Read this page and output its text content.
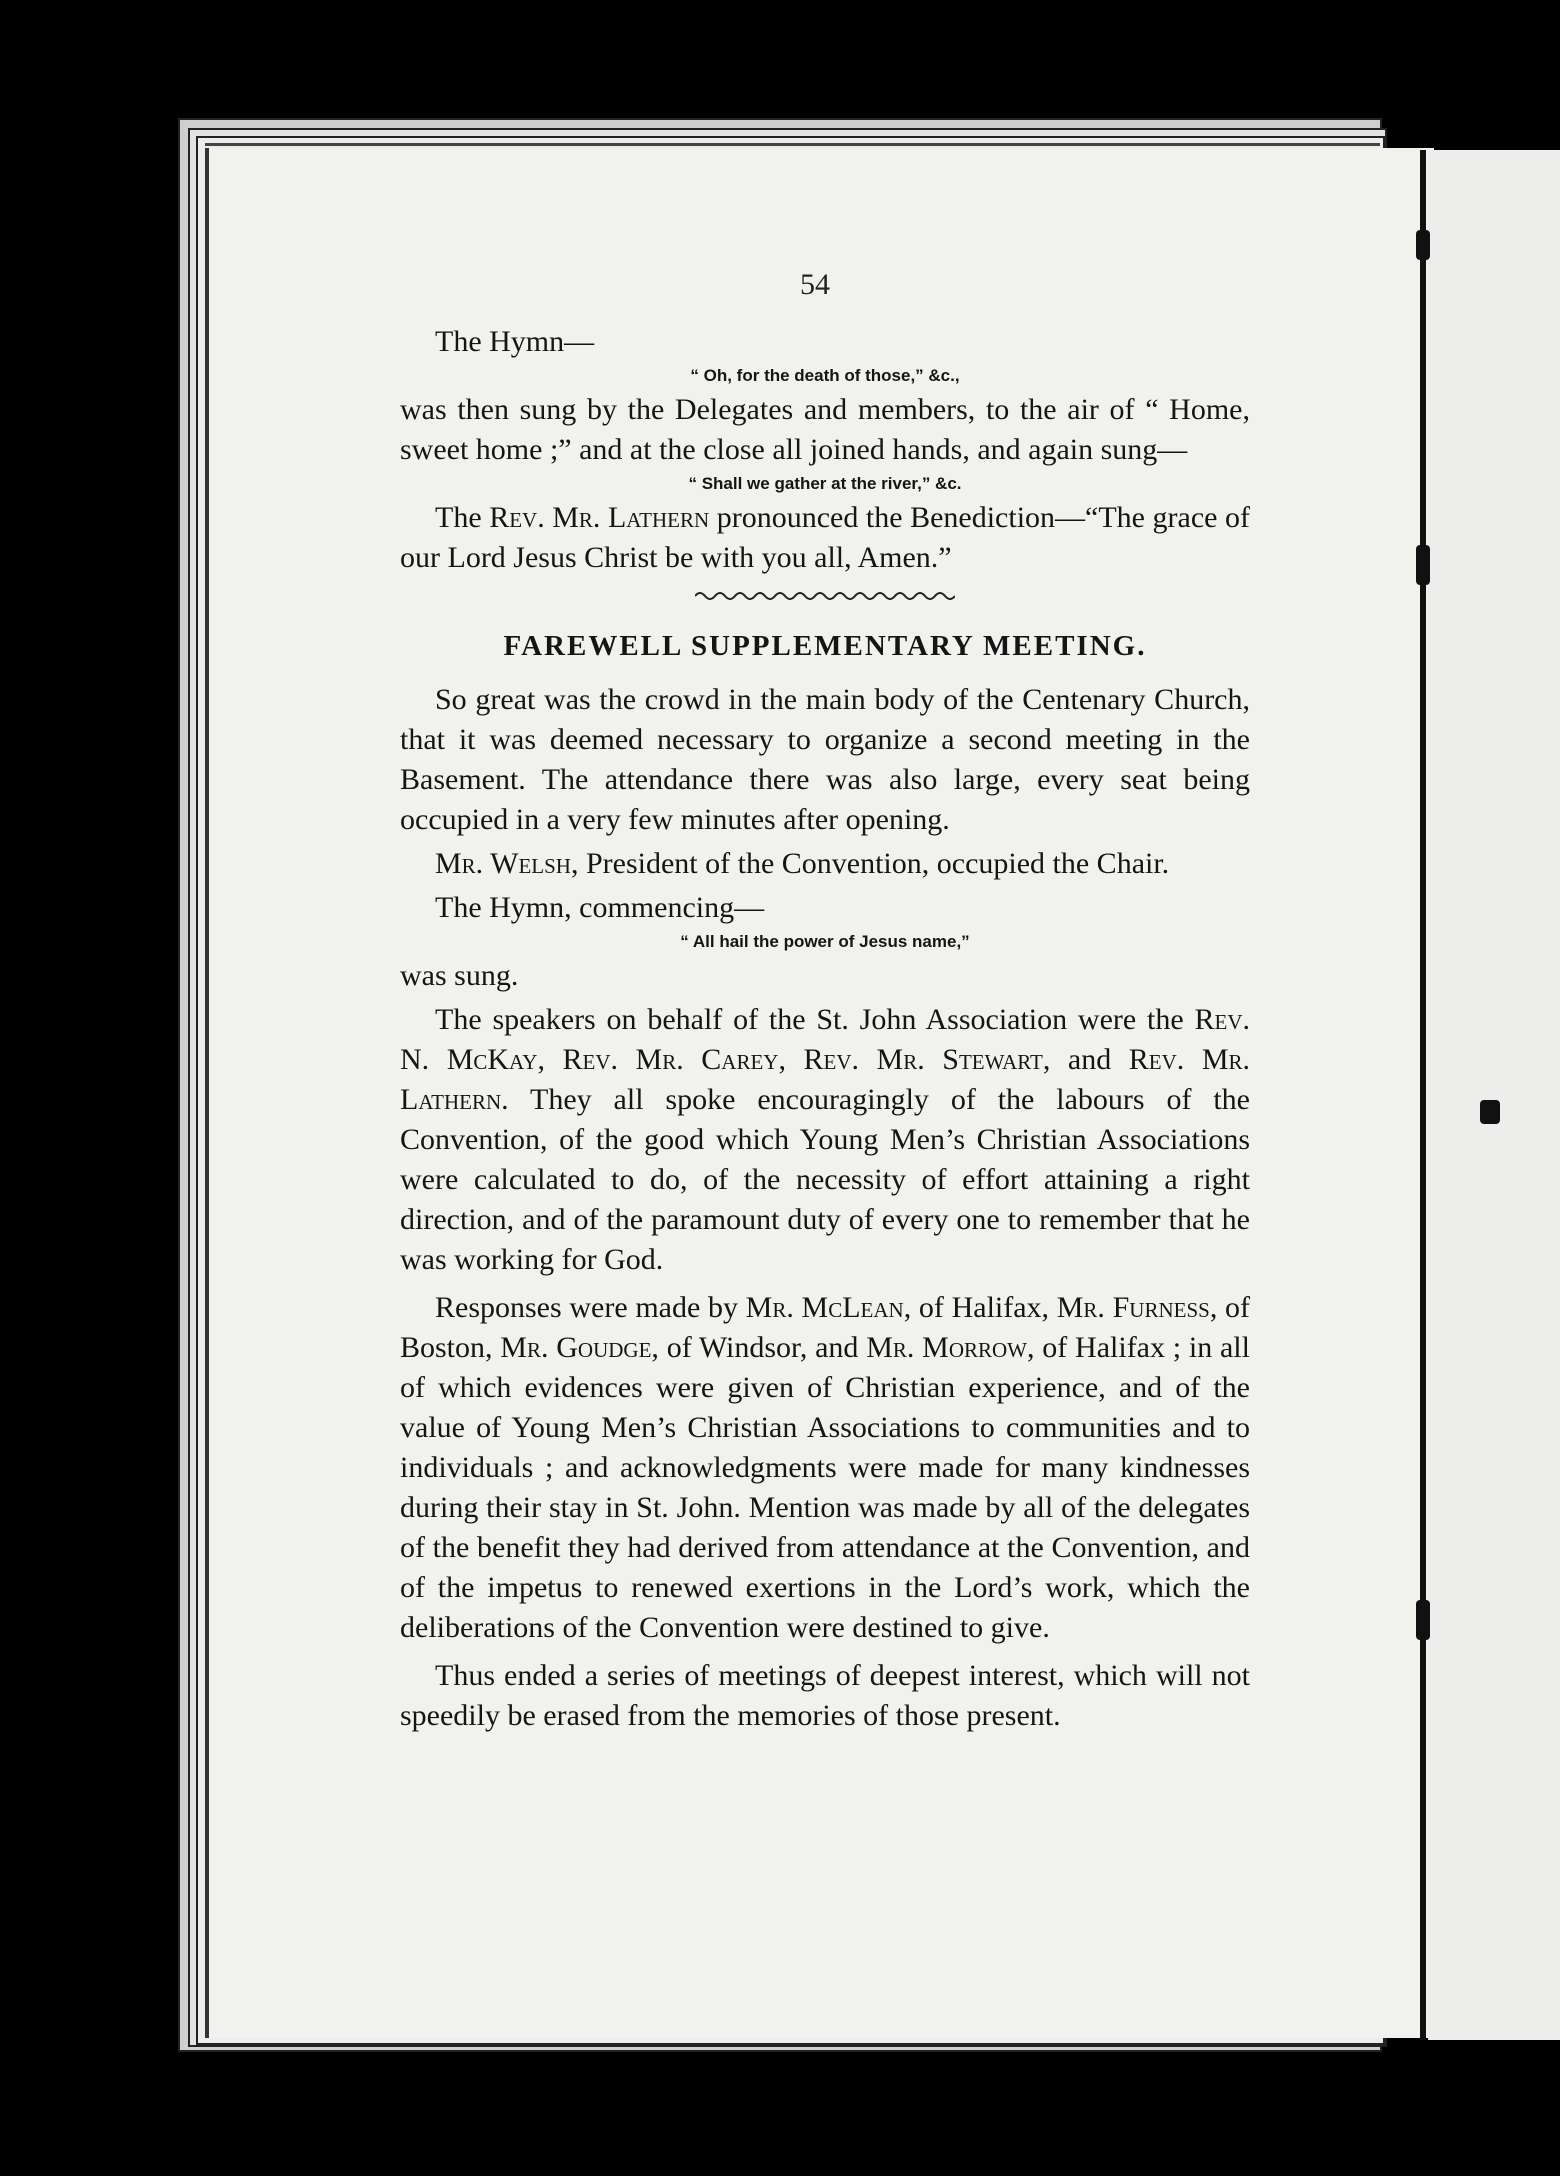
54

The Hymn—

“ Oh, for the death of those,” &c.,

was then sung by the Delegates and members, to the air of “ Home, sweet home ;” and at the close all joined hands, and again sung—

“ Shall we gather at the river,” &c.

The Rev. Mr. Lathern pronounced the Benediction—“The grace of our Lord Jesus Christ be with you all, Amen.”

FAREWELL SUPPLEMENTARY MEETING.

So great was the crowd in the main body of the Centenary Church, that it was deemed necessary to organize a second meeting in the Basement. The attendance there was also large, every seat being occupied in a very few minutes after opening.

Mr. Welsh, President of the Convention, occupied the Chair.

The Hymn, commencing—

“ All hail the power of Jesus name,”

was sung.

The speakers on behalf of the St. John Association were the Rev. N. McKay, Rev. Mr. Carey, Rev. Mr. Stewart, and Rev. Mr. Lathern. They all spoke encouragingly of the labours of the Convention, of the good which Young Men’s Christian Associations were calculated to do, of the necessity of effort attaining a right direction, and of the paramount duty of every one to remember that he was working for God.

Responses were made by Mr. McLean, of Halifax, Mr. Furness, of Boston, Mr. Goudge, of Windsor, and Mr. Morrow, of Halifax ; in all of which evidences were given of Christian experience, and of the value of Young Men’s Christian Associations to communities and to individuals ; and acknowledgments were made for many kindnesses during their stay in St. John. Mention was made by all of the delegates of the benefit they had derived from attendance at the Convention, and of the impetus to renewed exertions in the Lord’s work, which the deliberations of the Convention were destined to give.

Thus ended a series of meetings of deepest interest, which will not speedily be erased from the memories of those present.
